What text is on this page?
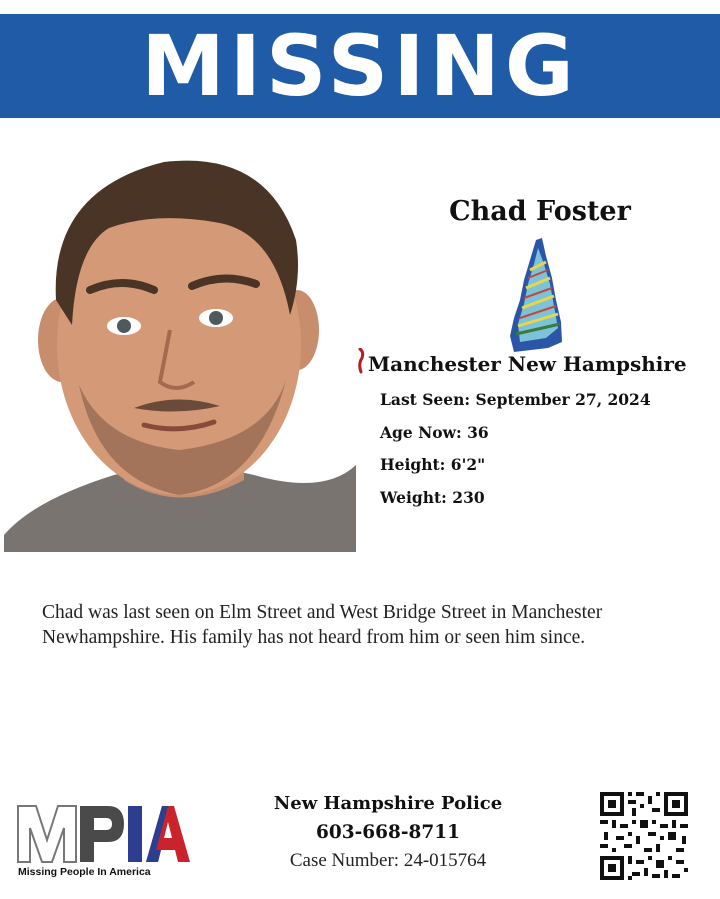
MISSING
Chad Foster
Manchester New Hampshire
Last Seen: September 27, 2024
Age Now: 36
Height: 6'2"
Weight: 230
Chad was last seen on Elm Street and West Bridge Street in Manchester Newhampshire. His family has not heard from him or seen him since.
Missing People In America
New Hampshire Police
603-668-8711
Case Number: 24-015764
